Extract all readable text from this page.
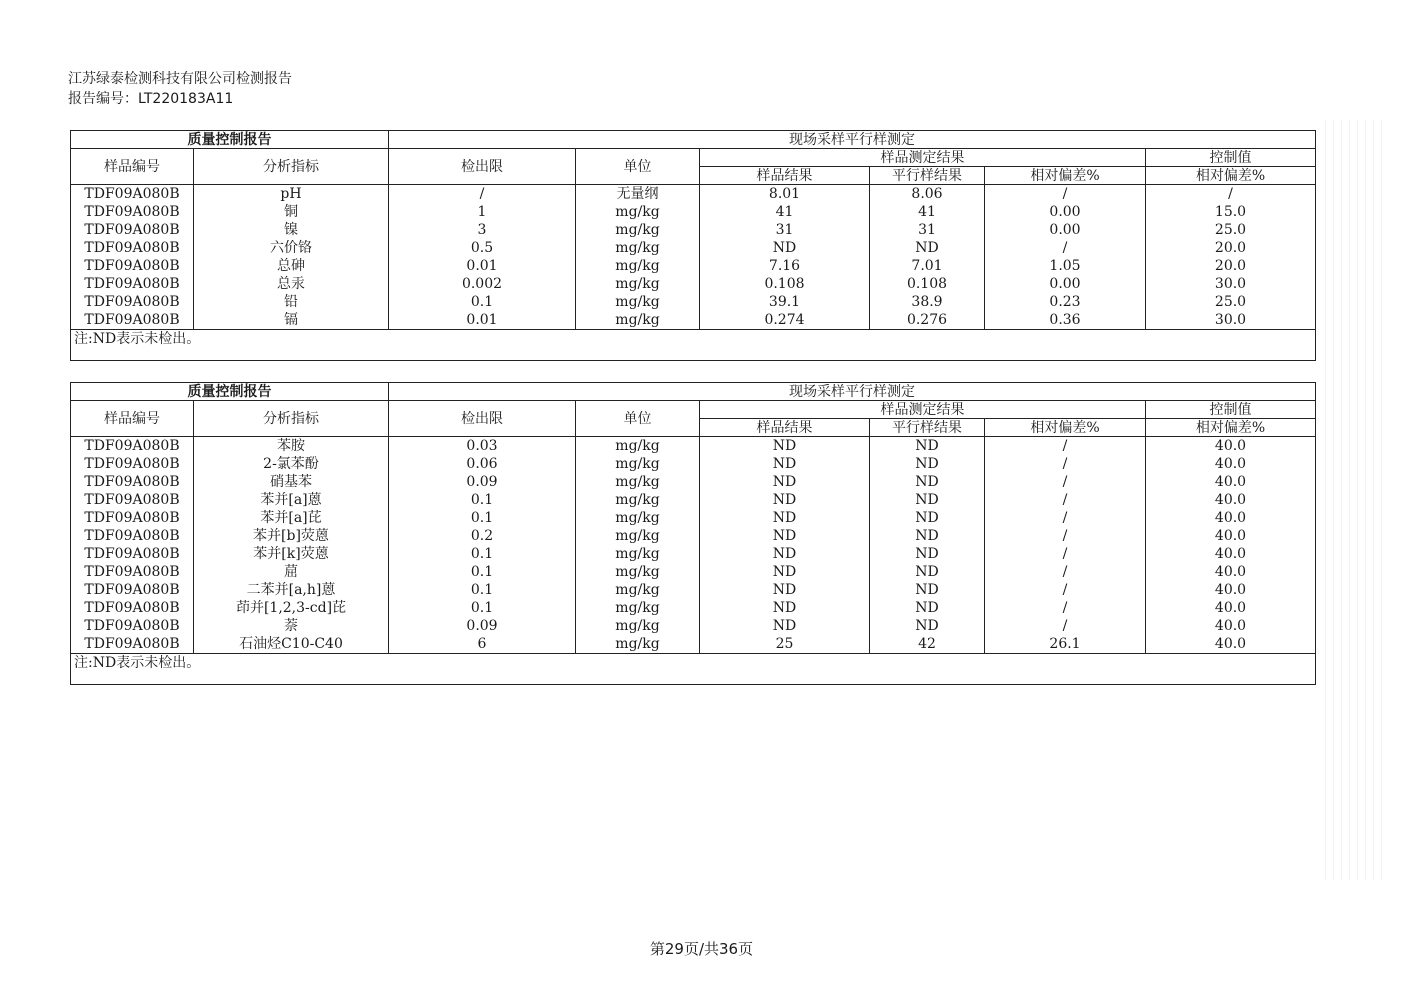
江苏绿泰检测科技有限公司检测报告
报告编号：LT220183A11
质量控制报告		现场采样平行样测定					
样品编号	分析指标	检出限	单位	样品测定结果			控制值
				样品结果	平行样结果	相对偏差%	相对偏差%
TDF09A080B	pH	/	无量纲	8.01	8.06	/	/
TDF09A080B	铜	1	mg/kg	41	41	0.00	15.0
TDF09A080B	镍	3	mg/kg	31	31	0.00	25.0
TDF09A080B	六价铬	0.5	mg/kg	ND	ND	/	20.0
TDF09A080B	总砷	0.01	mg/kg	7.16	7.01	1.05	20.0
TDF09A080B	总汞	0.002	mg/kg	0.108	0.108	0.00	30.0
TDF09A080B	铅	0.1	mg/kg	39.1	38.9	0.23	25.0
TDF09A080B	镉	0.01	mg/kg	0.274	0.276	0.36	30.0
注:ND表示未检出。							
质量控制报告		现场采样平行样测定					
样品编号	分析指标	检出限	单位	样品测定结果			控制值
				样品结果	平行样结果	相对偏差%	相对偏差%
TDF09A080B	苯胺	0.03	mg/kg	ND	ND	/	40.0
TDF09A080B	2-氯苯酚	0.06	mg/kg	ND	ND	/	40.0
TDF09A080B	硝基苯	0.09	mg/kg	ND	ND	/	40.0
TDF09A080B	苯并[a]蒽	0.1	mg/kg	ND	ND	/	40.0
TDF09A080B	苯并[a]芘	0.1	mg/kg	ND	ND	/	40.0
TDF09A080B	苯并[b]荧蒽	0.2	mg/kg	ND	ND	/	40.0
TDF09A080B	苯并[k]荧蒽	0.1	mg/kg	ND	ND	/	40.0
TDF09A080B	䓛	0.1	mg/kg	ND	ND	/	40.0
TDF09A080B	二苯并[a,h]蒽	0.1	mg/kg	ND	ND	/	40.0
TDF09A080B	茚并[1,2,3-cd]芘	0.1	mg/kg	ND	ND	/	40.0
TDF09A080B	萘	0.09	mg/kg	ND	ND	/	40.0
TDF09A080B	石油烃C10-C40	6	mg/kg	25	42	26.1	40.0
注:ND表示未检出。							
第29页/共36页
